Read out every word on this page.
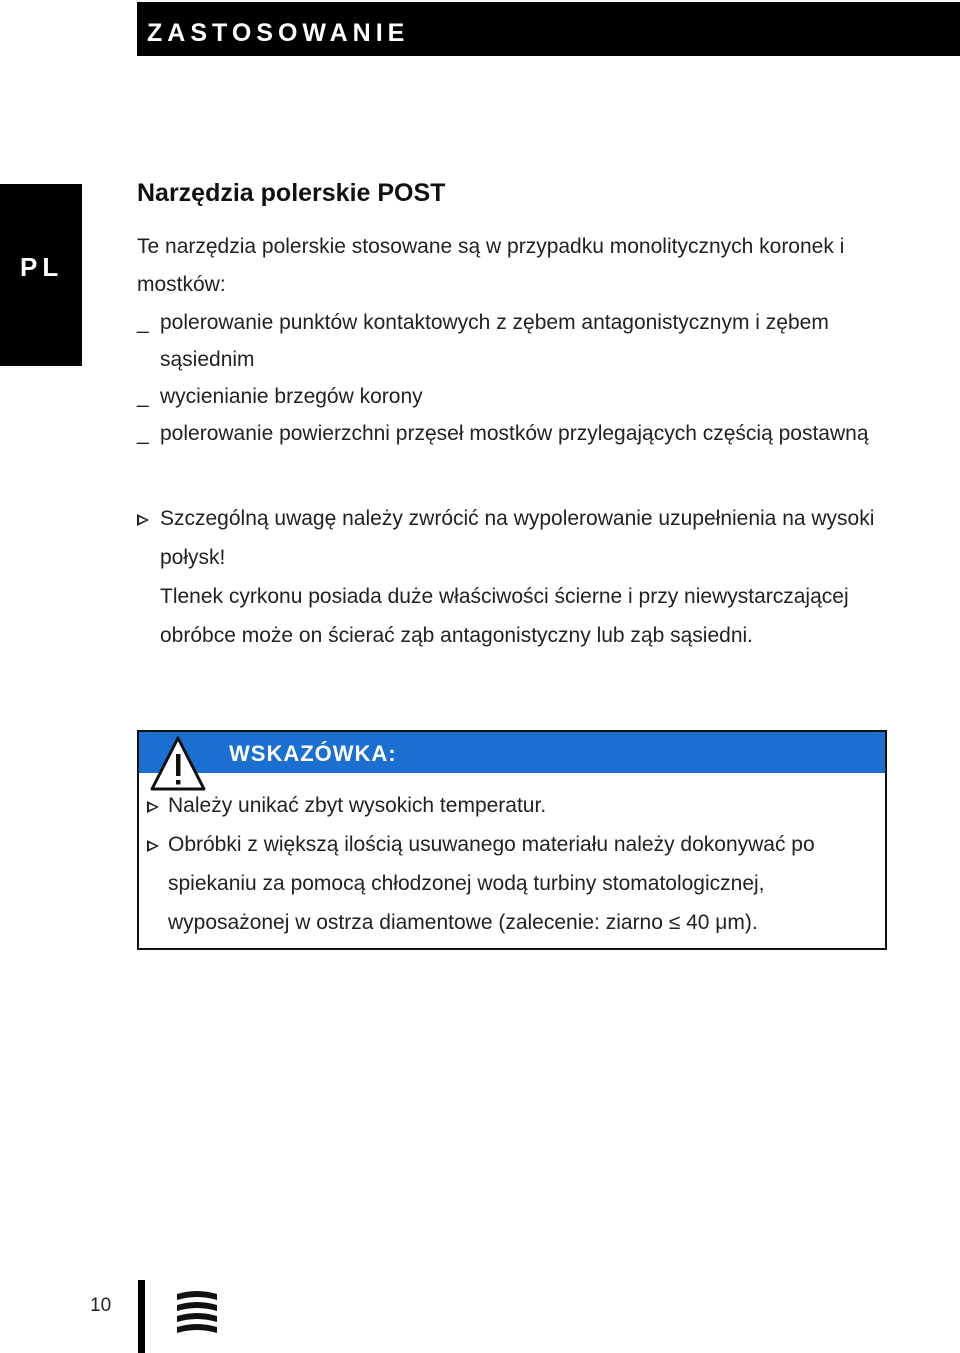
ZASTOSOWANIE
PL
Narzędzia polerskie POST
Te narzędzia polerskie stosowane są w przypadku monolitycznych koronek i mostków:
_ polerowanie punktów kontaktowych z zębem antagonistycznym i zębem sąsiednim
_ wycienianie brzegów korony
_ polerowanie powierzchni przęseł mostków przylegających częścią postawną
Szczególną uwagę należy zwrócić na wypolerowanie uzupełnienia na wysoki połysk!
Tlenek cyrkonu posiada duże właściwości ścierne i przy niewystarczającej obróbce może on ścierać ząb antagonistyczny lub ząb sąsiedni.
WSKAZÓWKA:
Należy unikać zbyt wysokich temperatur.
Obróbki z większą ilością usuwanego materiału należy dokonywać po spiekaniu za pomocą chłodzonej wodą turbiny stomatologicznej, wyposażonej w ostrza diamentowe (zalecenie: ziarno ≤ 40 μm).
10
